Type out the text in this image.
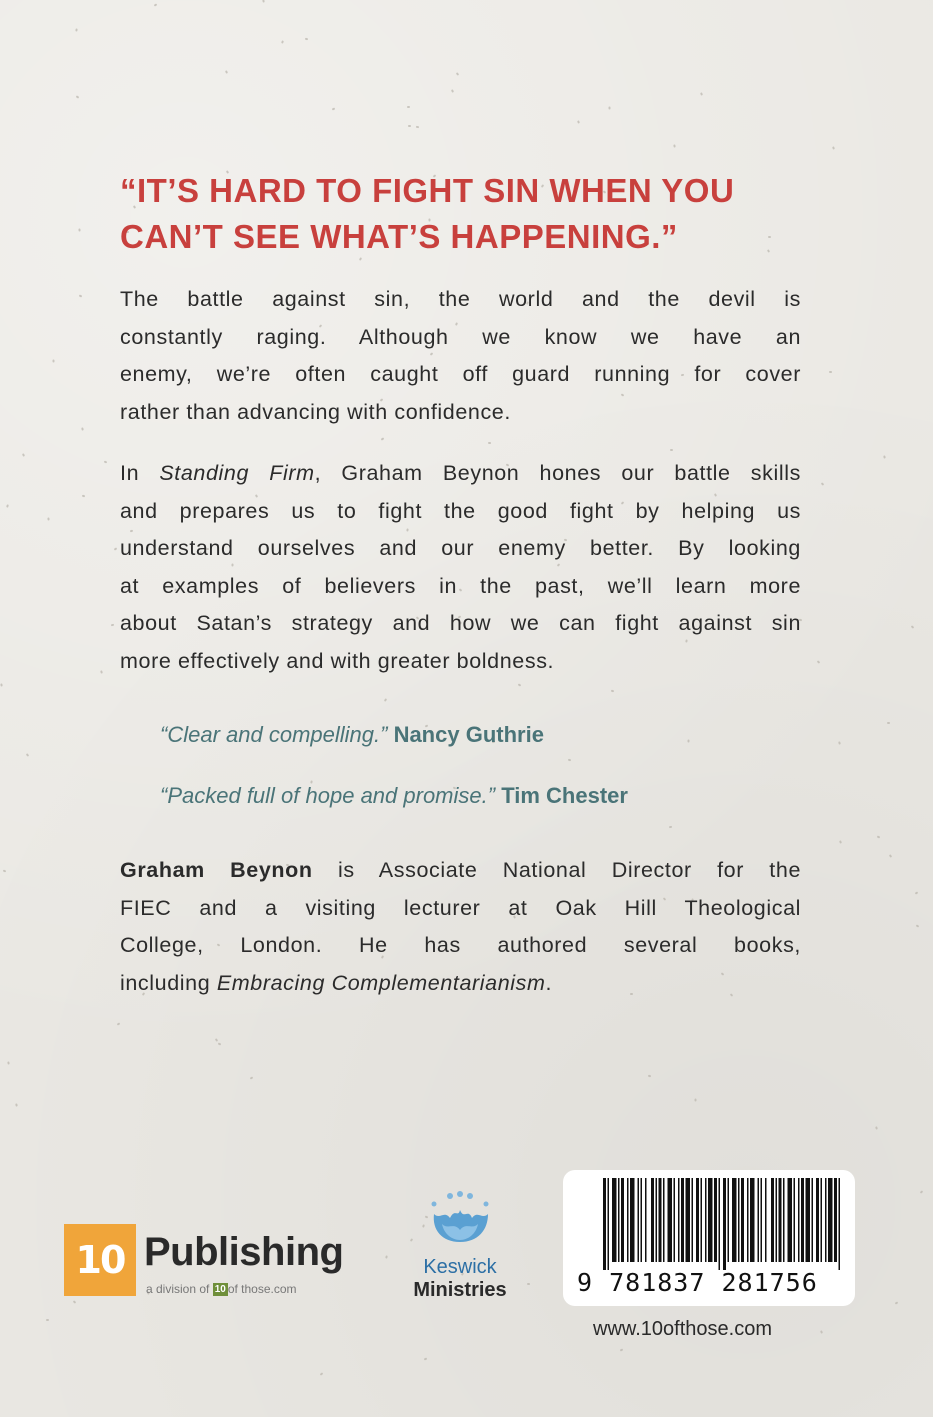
“IT’S HARD TO FIGHT SIN WHEN YOU
CAN’T SEE WHAT’S HAPPENING.”
The battle against sin, the world and the devil is
constantly raging. Although we know we have an
enemy, we’re often caught off guard running for cover
rather than advancing with confidence.
In Standing Firm, Graham Beynon hones our battle skills
and prepares us to fight the good fight by helping us
understand ourselves and our enemy better. By looking
at examples of believers in the past, we’ll learn more
about Satan’s strategy and how we can fight against sin
more effectively and with greater boldness.
“Clear and compelling.” Nancy Guthrie
“Packed full of hope and promise.” Tim Chester
Graham Beynon is Associate National Director for the
FIEC and a visiting lecturer at Oak Hill Theological
College, London. He has authored several books,
including Embracing Complementarianism.
10 Publishing
a division of 10 of those.com
Keswick
Ministries	9 781837 281756
www.10ofthose.com
